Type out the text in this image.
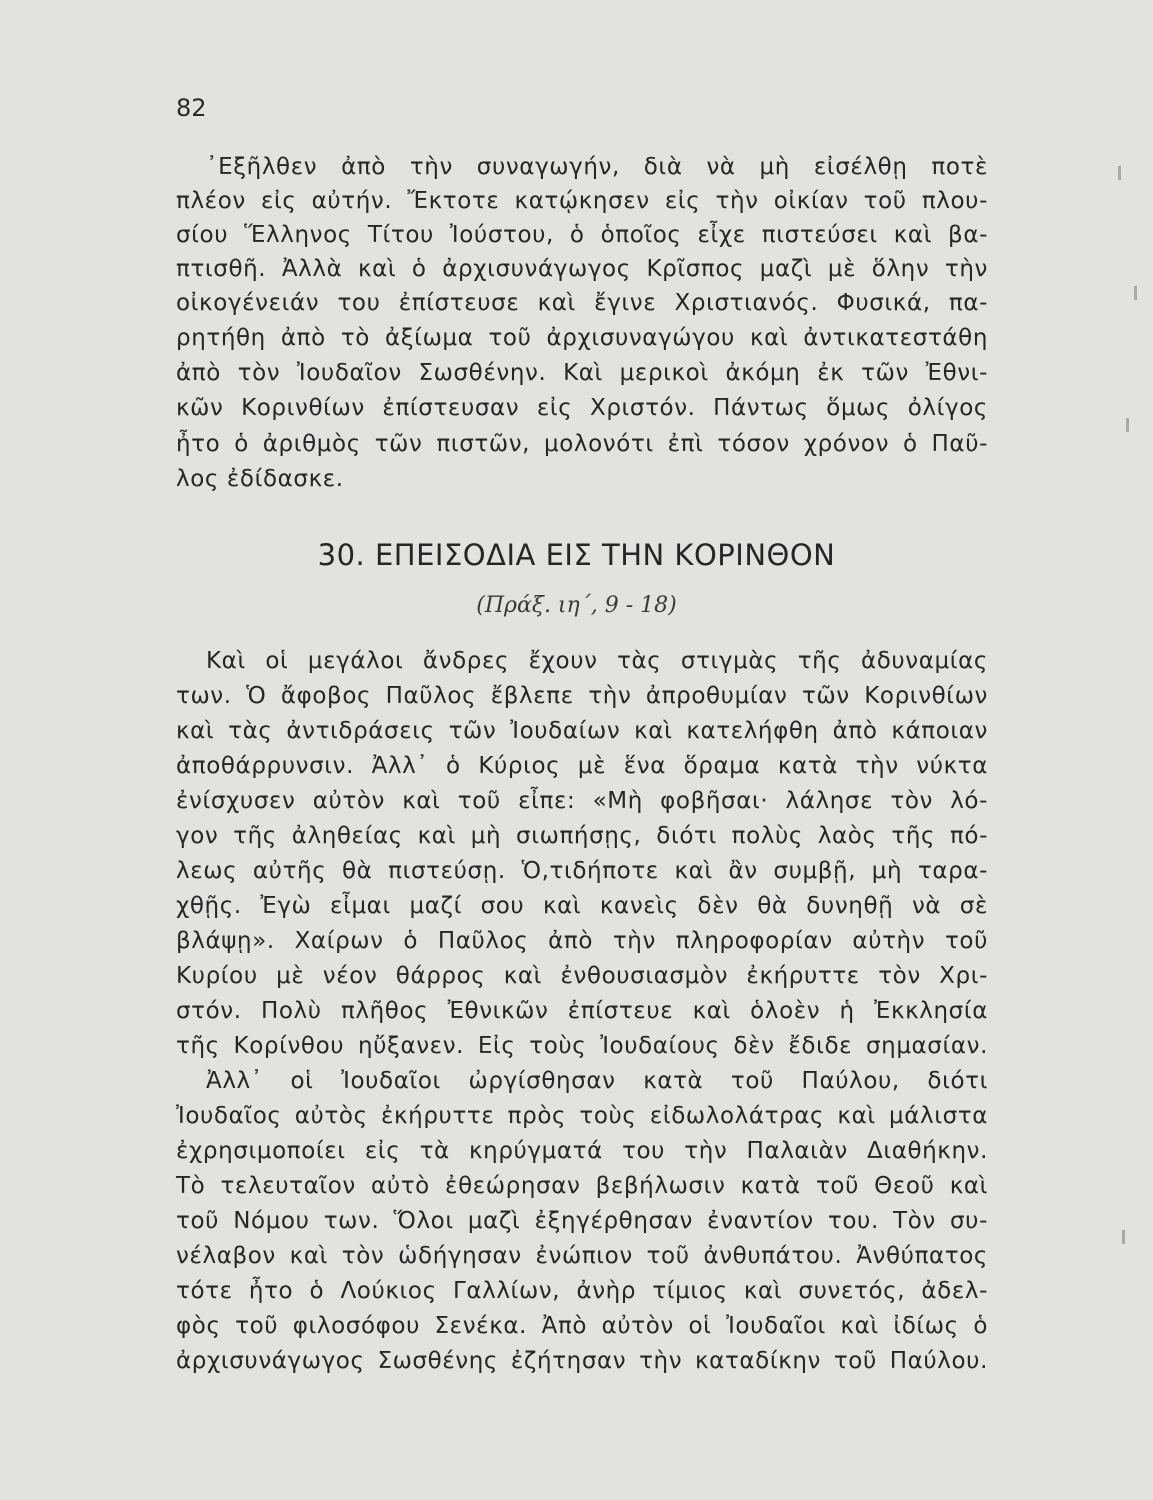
82
᾿Εξῆλθεν ἀπὸ τὴν συναγωγήν, διὰ νὰ μὴ εἰσέλθῃ ποτὲ
πλέον εἰς αὐτήν. Ἔκτοτε κατῴκησεν εἰς τὴν οἰκίαν τοῦ πλου-
σίου Ἕλληνος Τίτου Ἰούστου, ὁ ὁποῖος εἶχε πιστεύσει καὶ βα-
πτισθῆ. Ἀλλὰ καὶ ὁ ἀρχισυνάγωγος Κρῖσπος μαζὶ μὲ ὅλην τὴν
οἰκογένειάν του ἐπίστευσε καὶ ἔγινε Χριστιανός. Φυσικά, πα-
ρητήθη ἀπὸ τὸ ἀξίωμα τοῦ ἀρχισυναγώγου καὶ ἀντικατεστάθη
ἀπὸ τὸν Ἰουδαῖον Σωσθένην. Καὶ μερικοὶ ἀκόμη ἐκ τῶν Ἐθνι-
κῶν Κορινθίων ἐπίστευσαν εἰς Χριστόν. Πάντως ὅμως ὀλίγος
ἦτο ὁ ἀριθμὸς τῶν πιστῶν, μολονότι ἐπὶ τόσον χρόνον ὁ Παῦ-
λος ἐδίδασκε.
30. ΕΠΕΙΣΟΔΙΑ ΕΙΣ ΤΗΝ ΚΟΡΙΝΘΟΝ
(Πράξ. ιη΄, 9 - 18)
Καὶ οἱ μεγάλοι ἄνδρες ἔχουν τὰς στιγμὰς τῆς ἀδυναμίας
των. Ὁ ἄφοβος Παῦλος ἔβλεπε τὴν ἀπροθυμίαν τῶν Κορινθίων
καὶ τὰς ἀντιδράσεις τῶν Ἰουδαίων καὶ κατελήφθη ἀπὸ κάποιαν
ἀποθάρρυνσιν. Ἀλλ᾿ ὁ Κύριος μὲ ἕνα ὅραμα κατὰ τὴν νύκτα
ἐνίσχυσεν αὐτὸν καὶ τοῦ εἶπε: «Μὴ φοβῆσαι· λάλησε τὸν λό-
γον τῆς ἀληθείας καὶ μὴ σιωπήσῃς, διότι πολὺς λαὸς τῆς πό-
λεως αὐτῆς θὰ πιστεύσῃ. Ὁ,τιδήποτε καὶ ἂν συμβῇ, μὴ ταρα-
χθῇς. Ἐγὼ εἶμαι μαζί σου καὶ κανεὶς δὲν θὰ δυνηθῇ νὰ σὲ
βλάψῃ». Χαίρων ὁ Παῦλος ἀπὸ τὴν πληροφορίαν αὐτὴν τοῦ
Κυρίου μὲ νέον θάρρος καὶ ἐνθουσιασμὸν ἐκήρυττε τὸν Χρι-
στόν. Πολὺ πλῆθος Ἐθνικῶν ἐπίστευε καὶ ὁλοὲν ἡ Ἐκκλησία
τῆς Κορίνθου ηὔξανεν. Εἰς τοὺς Ἰουδαίους δὲν ἔδιδε σημασίαν.
Ἀλλ᾿ οἱ Ἰουδαῖοι ὠργίσθησαν κατὰ τοῦ Παύλου, διότι
Ἰουδαῖος αὐτὸς ἐκήρυττε πρὸς τοὺς εἰδωλολάτρας καὶ μάλιστα
ἐχρησιμοποίει εἰς τὰ κηρύγματά του τὴν Παλαιὰν Διαθήκην.
Τὸ τελευταῖον αὐτὸ ἐθεώρησαν βεβήλωσιν κατὰ τοῦ Θεοῦ καὶ
τοῦ Νόμου των. Ὅλοι μαζὶ ἐξηγέρθησαν ἐναντίον του. Τὸν συ-
νέλαβον καὶ τὸν ὡδήγησαν ἐνώπιον τοῦ ἀνθυπάτου. Ἀνθύπατος
τότε ἦτο ὁ Λούκιος Γαλλίων, ἀνὴρ τίμιος καὶ συνετός, ἀδελ-
φὸς τοῦ φιλοσόφου Σενέκα. Ἀπὸ αὐτὸν οἱ Ἰουδαῖοι καὶ ἰδίως ὁ
ἀρχισυνάγωγος Σωσθένης ἐζήτησαν τὴν καταδίκην τοῦ Παύλου.
